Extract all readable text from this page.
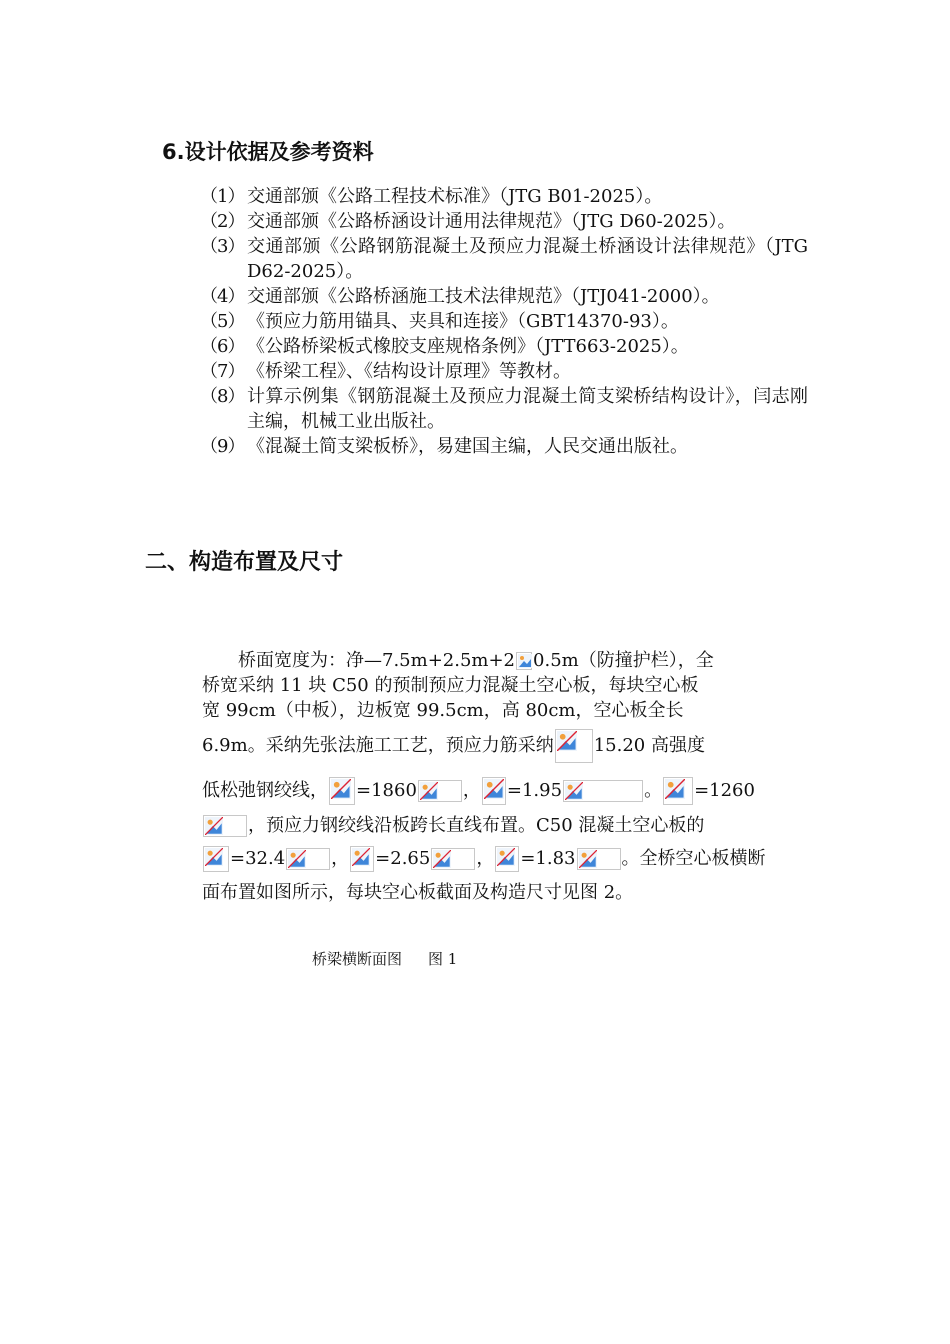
6.设计依据及参考资料
（1） 交通部颁《公路工程技术标准》（JTG B01-2025）。
（2） 交通部颁《公路桥涵设计通用法律规范》（JTG D60-2025）。
（3） 交通部颁《公路钢筋混凝土及预应力混凝土桥涵设计法律规范》（JTG D62-2025）。
（4） 交通部颁《公路桥涵施工技术法律规范》（JTJ041-2000）。
（5） 《预应力筋用锚具、夹具和连接》（GBT14370-93）。
（6） 《公路桥梁板式橡胶支座规格条例》（JTT663-2025）。
（7） 《桥梁工程》、《结构设计原理》等教材。
（8） 计算示例集《钢筋混凝土及预应力混凝土简支梁桥结构设计》，闫志刚主编，机械工业出版社。
（9） 《混凝土简支梁板桥》，易建国主编，人民交通出版社。
二、构造布置及尺寸
　　桥面宽度为：净—7.5m+2.5m+2 0.5m（防撞护栏），全
桥宽采纳 11 块 C50 的预制预应力混凝土空心板，每块空心板
宽 99cm（中板），边板宽 99.5cm，高 80cm，空心板全长
6.9m。采纳先张法施工工艺，预应力筋采纳 15.20 高强度
低松弛钢绞线， =1860	， =1.95	。 =1260
，预应力钢绞线沿板跨长直线布置。C50 混凝土空心板的
=32.4	， =2.65	， =1.83	。全桥空心板横断
面布置如图所示，每块空心板截面及构造尺寸见图 2。

桥梁横断面图 图 1
